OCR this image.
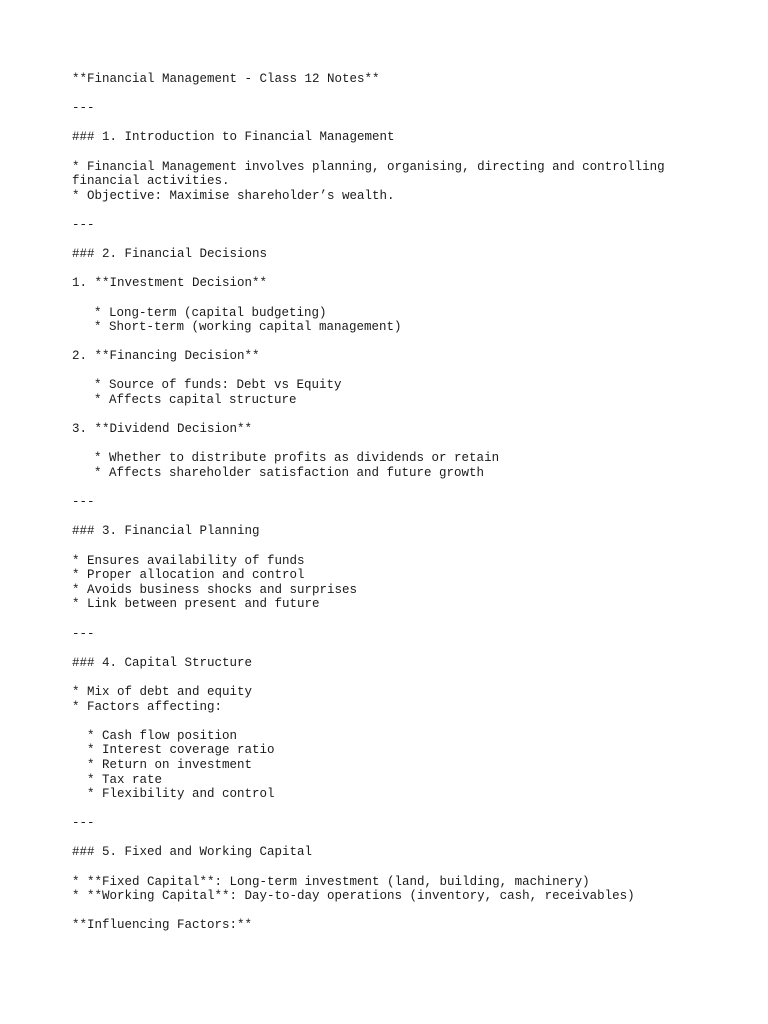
**Financial Management - Class 12 Notes**
---
### 1. Introduction to Financial Management
* Financial Management involves planning, organising, directing and controlling financial activities.
* Objective: Maximise shareholder’s wealth.
---
### 2. Financial Decisions
1. **Investment Decision**
* Long-term (capital budgeting)
* Short-term (working capital management)
2. **Financing Decision**
* Source of funds: Debt vs Equity
* Affects capital structure
3. **Dividend Decision**
* Whether to distribute profits as dividends or retain
* Affects shareholder satisfaction and future growth
---
### 3. Financial Planning
* Ensures availability of funds
* Proper allocation and control
* Avoids business shocks and surprises
* Link between present and future
---
### 4. Capital Structure
* Mix of debt and equity
* Factors affecting:
* Cash flow position
* Interest coverage ratio
* Return on investment
* Tax rate
* Flexibility and control
---
### 5. Fixed and Working Capital
* **Fixed Capital**: Long-term investment (land, building, machinery)
* **Working Capital**: Day-to-day operations (inventory, cash, receivables)
**Influencing Factors:**
